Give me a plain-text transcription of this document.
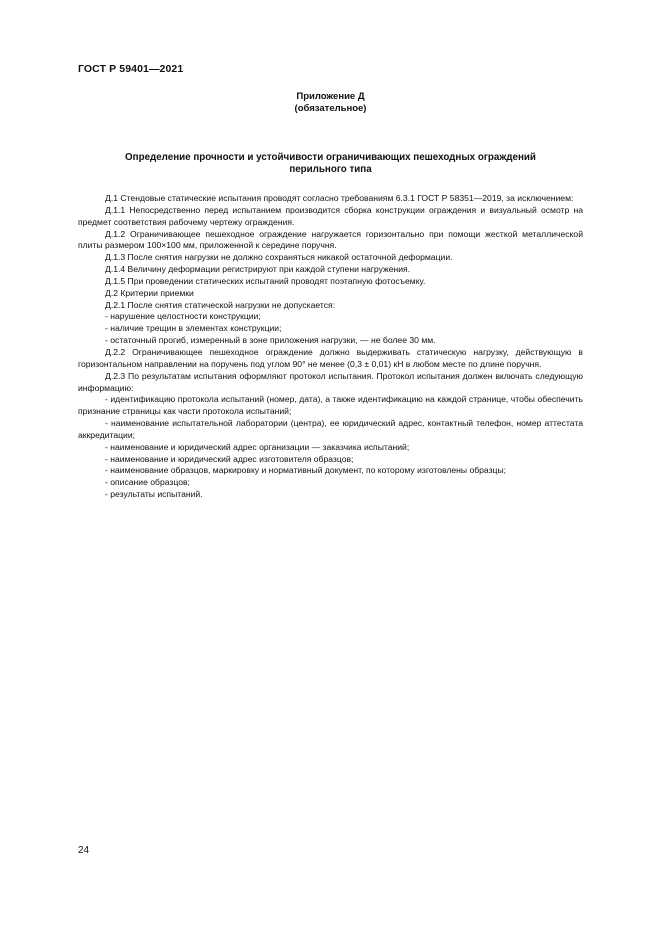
ГОСТ Р 59401—2021
Приложение Д
(обязательное)
Определение прочности и устойчивости ограничивающих пешеходных ограждений
перильного типа

Д.1 Стендовые статические испытания проводят согласно требованиям 6.3.1 ГОСТ Р 58351—2019, за исключением:

Д.1.1 Непосредственно перед испытанием производится сборка конструкции ограждения и визуальный осмотр на предмет соответствия рабочему чертежу ограждения.

Д.1.2 Ограничивающее пешеходное ограждение нагружается горизонтально при помощи жесткой металлической плиты размером 100×100 мм, приложенной к середине поручня.

Д.1.3 После снятия нагрузки не должно сохраняться никакой остаточной деформации.

Д.1.4 Величину деформации регистрируют при каждой ступени нагружения.

Д.1.5 При проведении статических испытаний проводят поэтапную фотосъемку.

Д.2 Критерии приемки

Д.2.1 После снятия статической нагрузки не допускается:

- нарушение целостности конструкции;

- наличие трещин в элементах конструкции;

- остаточный прогиб, измеренный в зоне приложения нагрузки, — не более 30 мм.

Д.2.2 Ограничивающее пешеходное ограждение должно выдерживать статическую нагрузку, действующую в горизонтальном направлении на поручень под углом 90° не менее (0,3 ± 0,01) кН в любом месте по длине поручня.

Д.2.3 По результатам испытания оформляют протокол испытания. Протокол испытания должен включать следующую информацию:

- идентификацию протокола испытаний (номер, дата), а также идентификацию на каждой странице, чтобы обеспечить признание страницы как части протокола испытаний;

- наименование испытательной лаборатории (центра), ее юридический адрес, контактный телефон, номер аттестата аккредитации;

- наименование и юридический адрес организации — заказчика испытаний;

- наименование и юридический адрес изготовителя образцов;

- наименование образцов, маркировку и нормативный документ, по которому изготовлены образцы;

- описание образцов;

- результаты испытаний.

24
